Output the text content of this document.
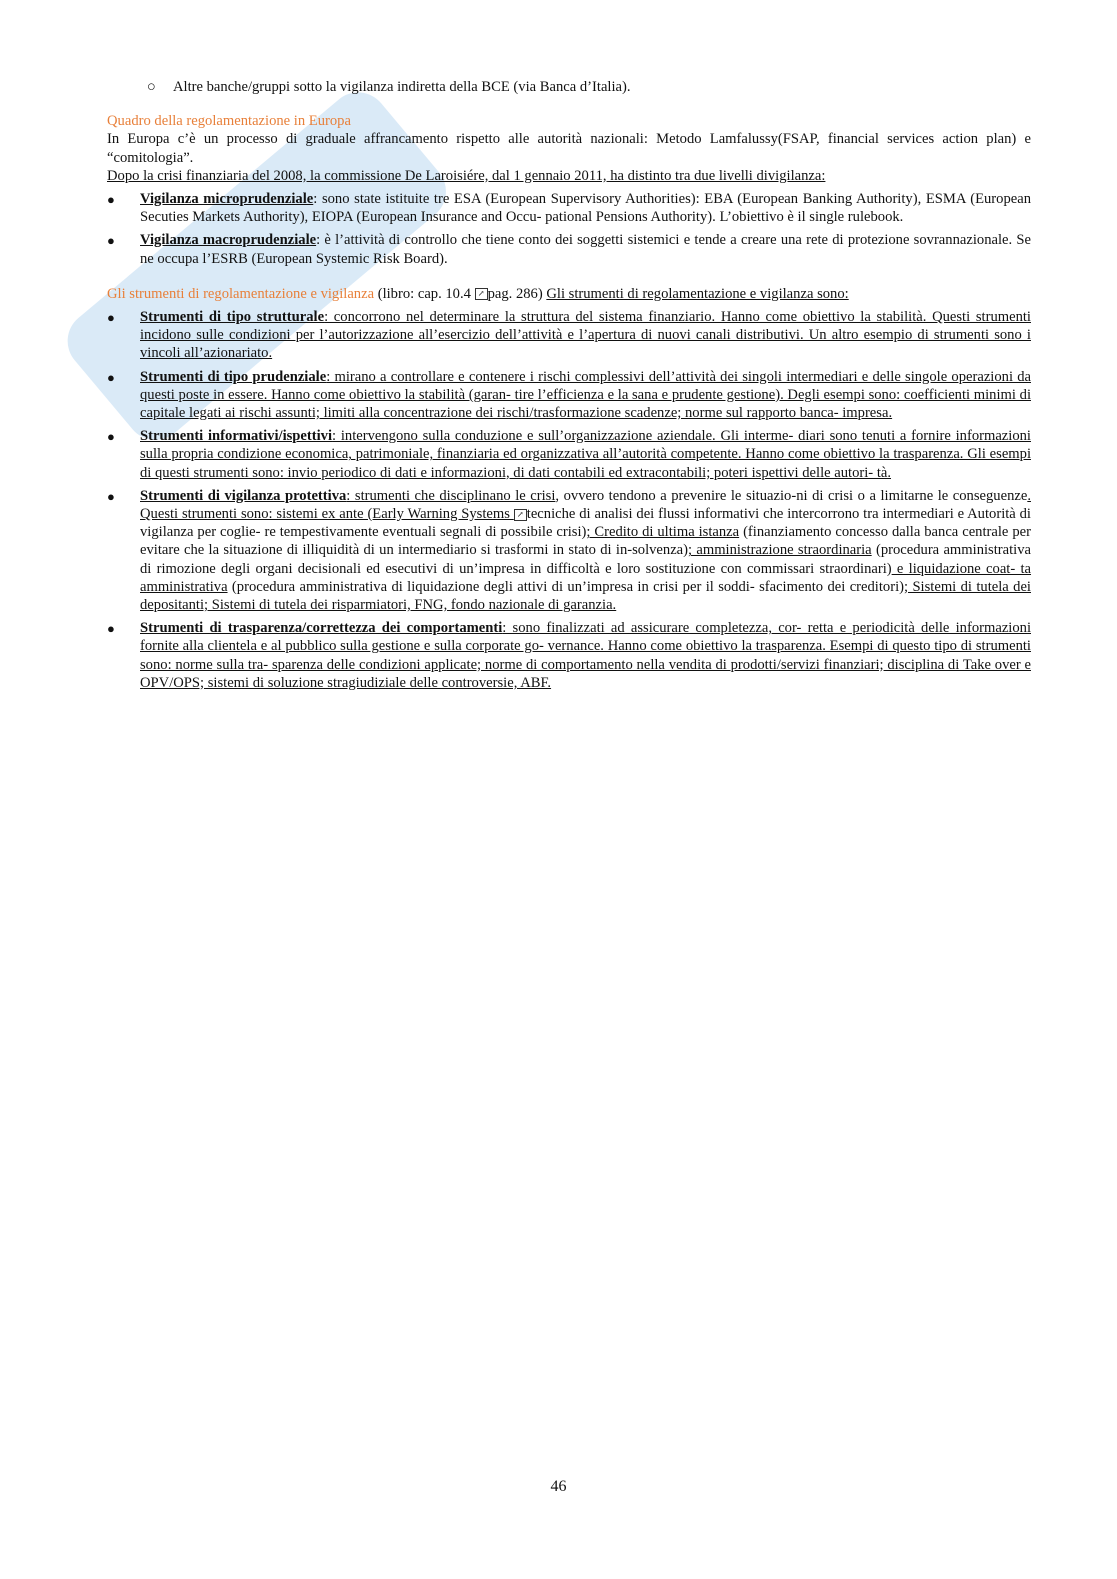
○ Altre banche/gruppi sotto la vigilanza indiretta della BCE (via Banca d’Italia).
Quadro della regolamentazione in Europa
In Europa c’è un processo di graduale affrancamento rispetto alle autorità nazionali: Metodo Lamfalussy(FSAP, financial services action plan) e “comitologia”.
Dopo la crisi finanziaria del 2008, la commissione De Laroisiére, dal 1 gennaio 2011, ha distinto tra due livelli divigilanza:
● Vigilanza microprudenziale: sono state istituite tre ESA (European Supervisory Authorities): EBA (European Banking Authority), ESMA (European Secuties Markets Authority), EIOPA (European Insurance and Occu- pational Pensions Authority). L’obiettivo è il single rulebook.
● Vigilanza macroprudenziale: è l’attività di controllo che tiene conto dei soggetti sistemici e tende a creare una rete di protezione sovrannazionale. Se ne occupa l’ESRB (European Systemic Risk Board).
Gli strumenti di regolamentazione e vigilanza (libro: cap. 10.4 ↗ pag. 286) Gli strumenti di regolamentazione e vigilanza sono:
● Strumenti di tipo strutturale: concorrono nel determinare la struttura del sistema finanziario. Hanno come obiettivo la stabilità. Questi strumenti incidono sulle condizioni per l’autorizzazione all’esercizio dell’attività e l’apertura di nuovi canali distributivi. Un altro esempio di strumenti sono i vincoli all’azionariato.
● Strumenti di tipo prudenziale: mirano a controllare e contenere i rischi complessivi dell’attività dei singoli intermediari e delle singole operazioni da questi poste in essere. Hanno come obiettivo la stabilità (garan- tire l’efficienza e la sana e prudente gestione). Degli esempi sono: coefficienti minimi di capitale legati ai rischi assunti; limiti alla concentrazione dei rischi/trasformazione scadenze; norme sul rapporto banca- impresa.
● Strumenti informativi/ispettivi: intervengono sulla conduzione e sull’organizzazione aziendale. Gli interme- diari sono tenuti a fornire informazioni sulla propria condizione economica, patrimoniale, finanziaria ed organizzativa all’autorità competente. Hanno come obiettivo la trasparenza. Gli esempi di questi strumenti sono: invio periodico di dati e informazioni, di dati contabili ed extracontabili; poteri ispettivi delle autori- tà.
● Strumenti di vigilanza protettiva: strumenti che disciplinano le crisi, ovvero tendono a prevenire le situazio-ni di crisi o a limitarne le conseguenze. Questi strumenti sono: sistemi ex ante (Early Warning Systems ↗ tecniche di analisi dei flussi informativi che intercorrono tra intermediari e Autorità di vigilanza per coglie- re tempestivamente eventuali segnali di possibile crisi); Credito di ultima istanza (finanziamento concesso dalla banca centrale per evitare che la situazione di illiquidità di un intermediario si trasformi in stato di in-solvenza); amministrazione straordinaria (procedura amministrativa di rimozione degli organi decisionali ed esecutivi di un’impresa in difficoltà e loro sostituzione con commissari straordinari) e liquidazione coat- ta amministrativa (procedura amministrativa di liquidazione degli attivi di un’impresa in crisi per il soddi- sfacimento dei creditori); Sistemi di tutela dei depositanti; Sistemi di tutela dei risparmiatori, FNG, fondo nazionale di garanzia.
● Strumenti di trasparenza/correttezza dei comportamenti: sono finalizzati ad assicurare completezza, cor- retta e periodicità delle informazioni fornite alla clientela e al pubblico sulla gestione e sulla corporate go- vernance. Hanno come obiettivo la trasparenza. Esempi di questo tipo di strumenti sono: norme sulla tra- sparenza delle condizioni applicate; norme di comportamento nella vendita di prodotti/servizi finanziari; disciplina di Take over e OPV/OPS; sistemi di soluzione stragiudiziale delle controversie, ABF.
46
